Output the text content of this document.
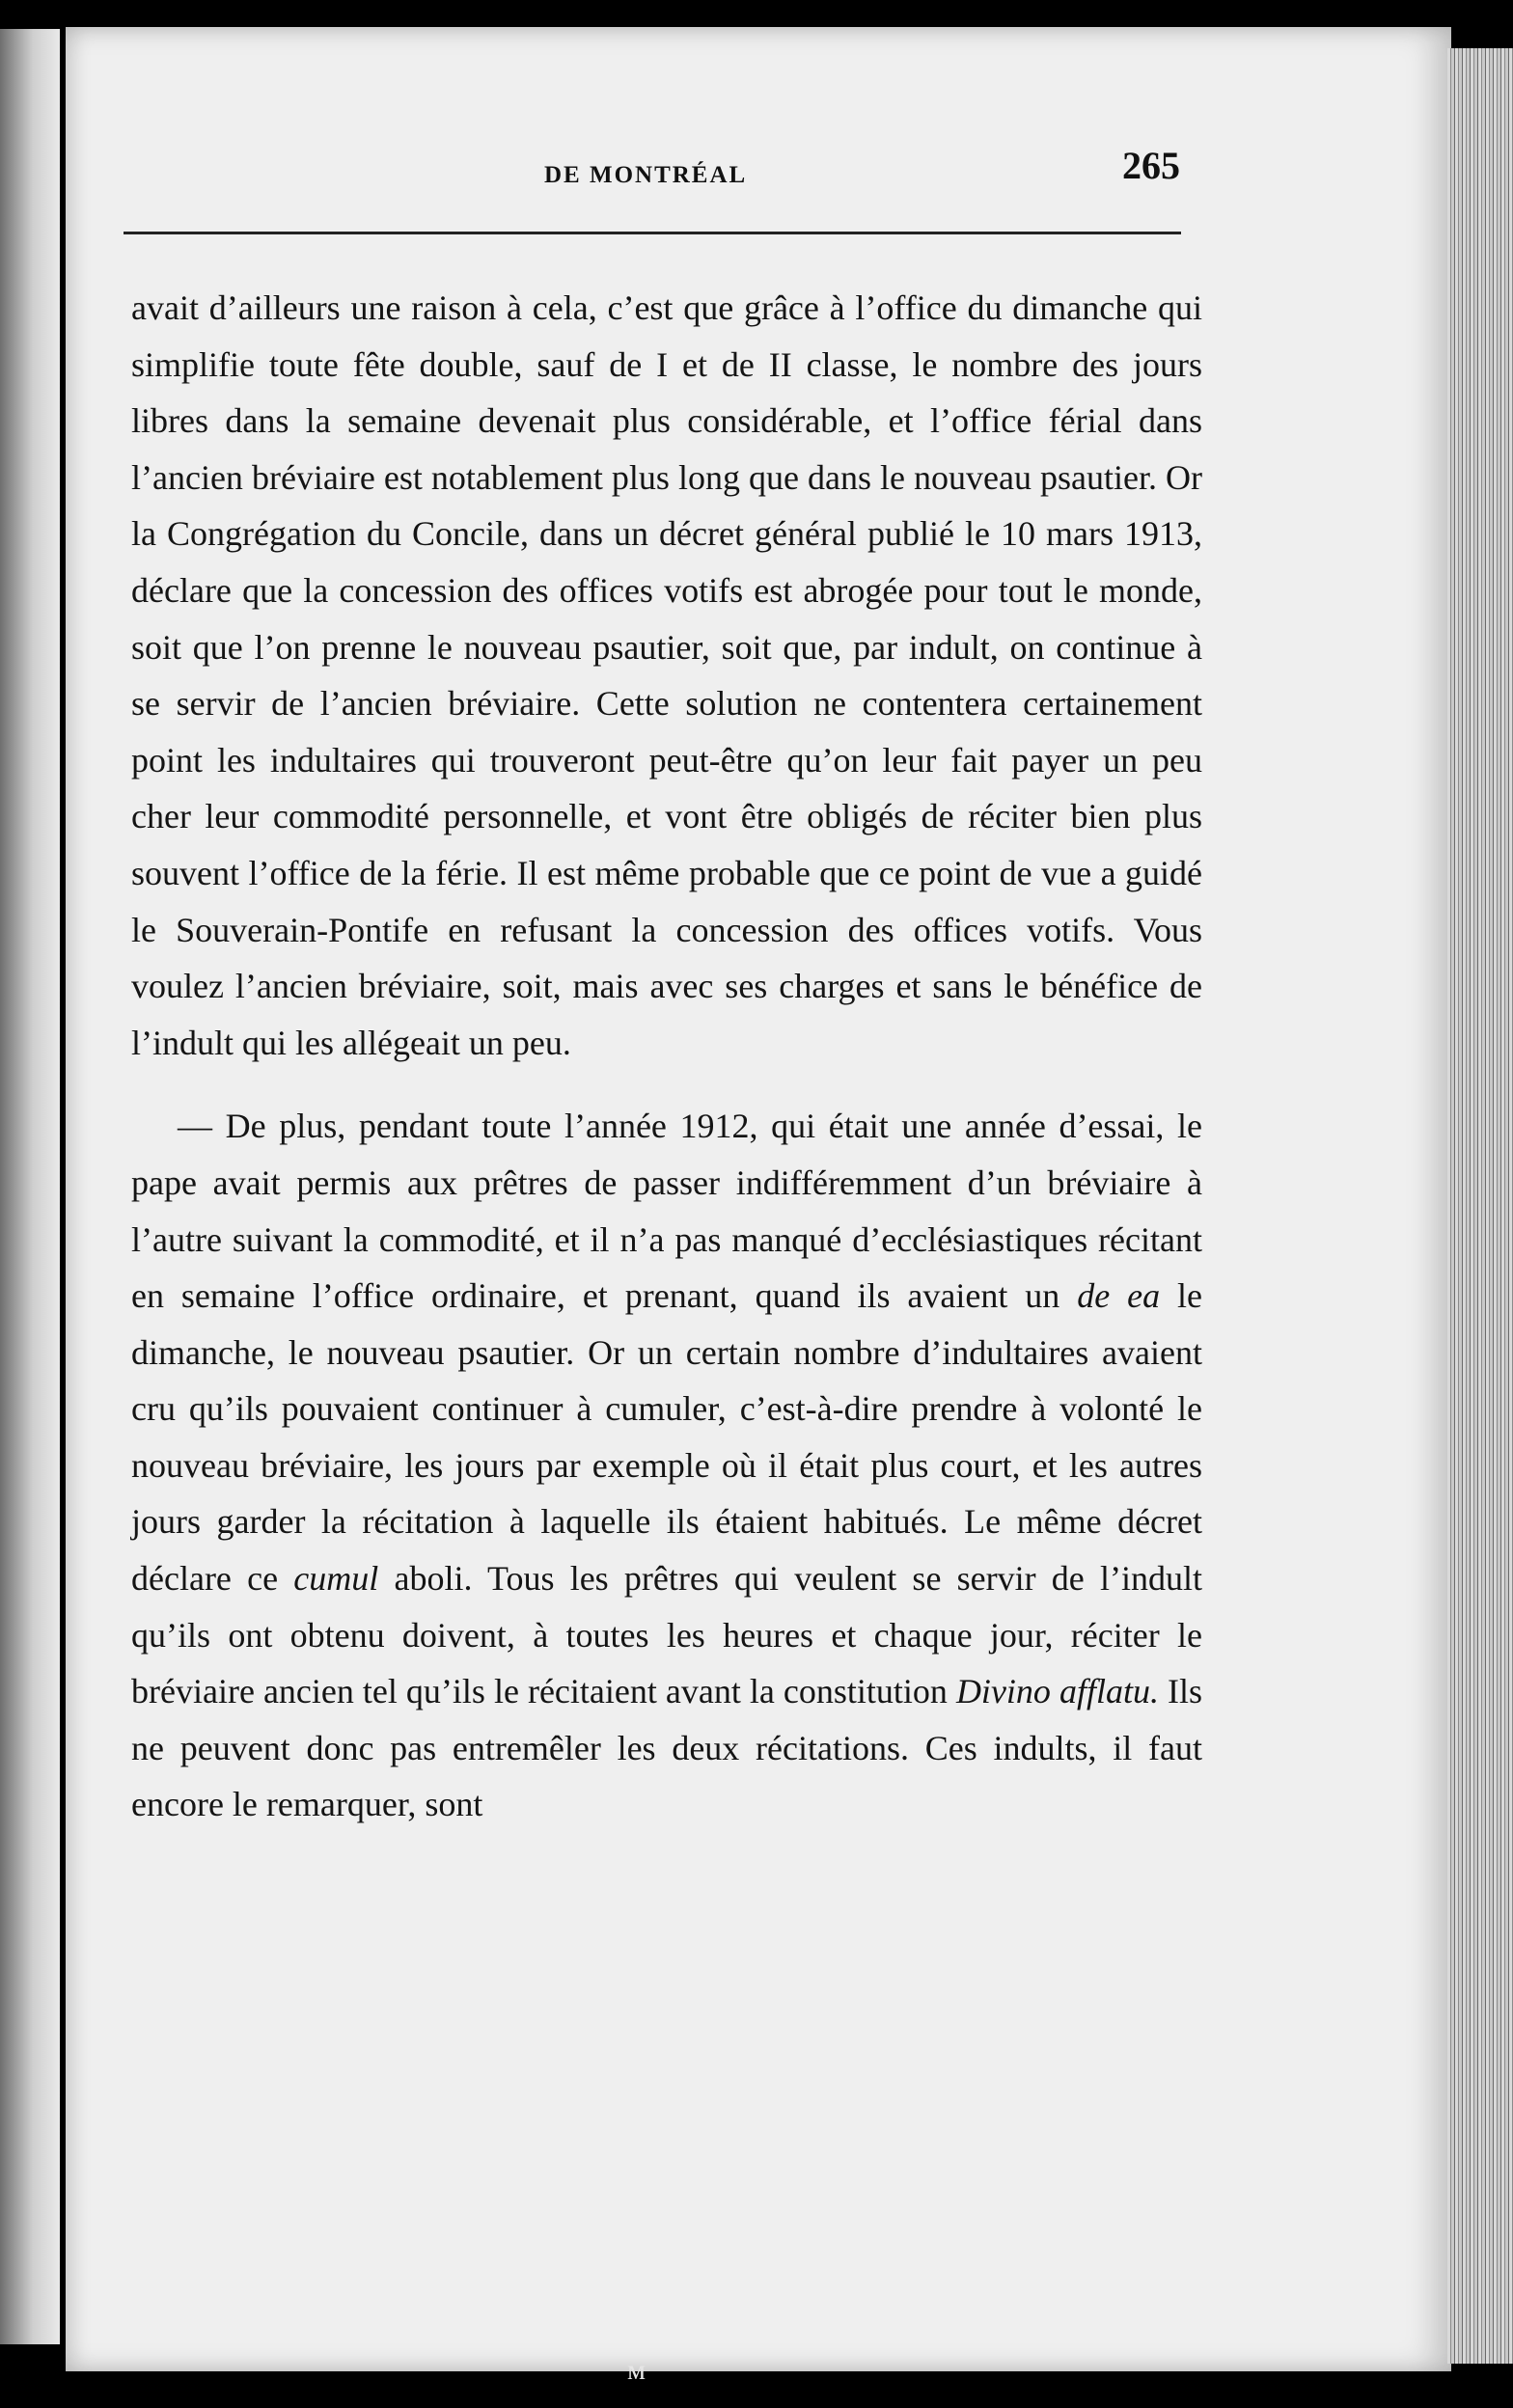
DE MONTRÉAL	265

avait d’ailleurs une raison à cela, c’est que grâce à l’office du dimanche qui simplifie toute fête double, sauf de I et de II classe, le nombre des jours libres dans la semaine devenait plus considérable, et l’office férial dans l’ancien bréviaire est notablement plus long que dans le nouveau psautier. Or la Congrégation du Concile, dans un décret général publié le 10 mars 1913, déclare que la concession des offices votifs est abrogée pour tout le monde, soit que l’on prenne le nouveau psautier, soit que, par indult, on continue à se servir de l’ancien bréviaire. Cette solution ne contentera certainement point les indultaires qui trouveront peut-être qu’on leur fait payer un peu cher leur commodité personnelle, et vont être obligés de réciter bien plus souvent l’office de la férie. Il est même probable que ce point de vue a guidé le Souverain-Pontife en refusant la concession des offices votifs. Vous voulez l’ancien bréviaire, soit, mais avec ses charges et sans le bénéfice de l’indult qui les allégeait un peu.

— De plus, pendant toute l’année 1912, qui était une année d’essai, le pape avait permis aux prêtres de passer indifféremment d’un bréviaire à l’autre suivant la commodité, et il n’a pas manqué d’ecclésiastiques récitant en semaine l’office ordinaire, et prenant, quand ils avaient un de ea le dimanche, le nouveau psautier. Or un certain nombre d’indultaires avaient cru qu’ils pouvaient continuer à cumuler, c’est-à-dire prendre à volonté le nouveau bréviaire, les jours par exemple où il était plus court, et les autres jours garder la récitation à laquelle ils étaient habitués. Le même décret déclare ce cumul aboli. Tous les prêtres qui veulent se servir de l’indult qu’ils ont obtenu doivent, à toutes les heures et chaque jour, réciter le bréviaire ancien tel qu’ils le récitaient avant la constitution Divino afflatu. Ils ne peuvent donc pas entremêler les deux récitations. Ces indults, il faut encore le remarquer, sont

ᴍ
